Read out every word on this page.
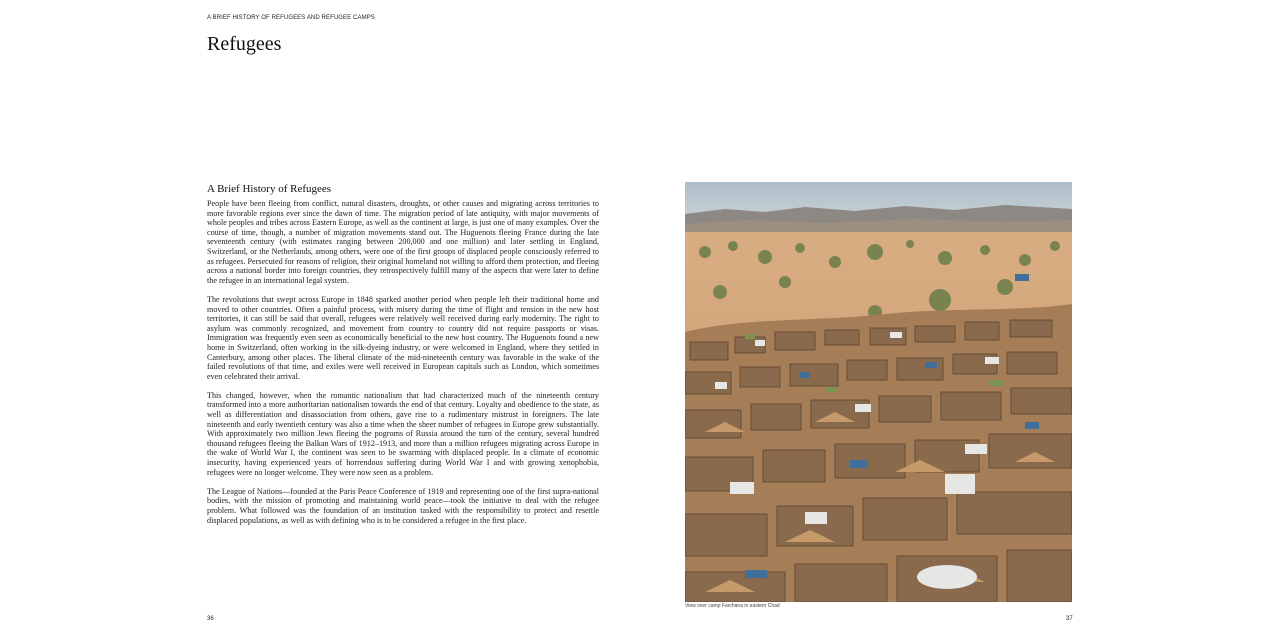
A BRIEF HISTORY OF REFUGEES AND REFUGEE CAMPS
Refugees
A Brief History of Refugees

People have been fleeing from conflict, natural disasters, droughts, or other causes and migrating across territories to more favorable regions ever since the dawn of time. The migration period of late antiquity, with major movements of whole peoples and tribes across Eastern Europe, as well as the continent at large, is just one of many examples. Over the course of time, though, a number of migration movements stand out. The Huguenots fleeing France during the late seventeenth century (with estimates ranging between 200,000 and one million) and later settling in England, Switzerland, or the Netherlands, among others, were one of the first groups of displaced people consciously referred to as refugees. Persecuted for reasons of religion, their original homeland not willing to afford them protection, and fleeing across a national border into foreign countries, they retrospectively fulfill many of the aspects that were later to define the refugee in an international legal system.

The revolutions that swept across Europe in 1848 sparked another period when people left their traditional home and moved to other countries. Often a painful process, with misery during the time of flight and tension in the new host territories, it can still be said that overall, refugees were relatively well received during early modernity. The right to asylum was commonly recognized, and movement from country to country did not require passports or visas. Immigration was frequently even seen as economically beneficial to the new host country. The Huguenots found a new home in Switzerland, often working in the silk-dyeing industry, or were welcomed in England, where they settled in Canterbury, among other places. The liberal climate of the mid-nineteenth century was favorable in the wake of the failed revolutions of that time, and exiles were well received in European capitals such as London, which sometimes even celebrated their arrival.

This changed, however, when the romantic nationalism that had characterized much of the nineteenth century transformed into a more authoritarian nationalism towards the end of that century. Loyalty and obedience to the state, as well as differentiation and disassociation from others, gave rise to a rudimentary mistrust in foreigners. The late nineteenth and early twentieth century was also a time when the sheer number of refugees in Europe grew substantially. With approximately two million Jews fleeing the pogroms of Russia around the turn of the century, several hundred thousand refugees fleeing the Balkan Wars of 1912–1913, and more than a million refugees migrating across Europe in the wake of World War I, the continent was seen to be swarming with displaced people. In a climate of economic insecurity, having experienced years of horrendous suffering during World War I and with growing xenophobia, refugees were no longer welcome. They were now seen as a problem.

The League of Nations—founded at the Paris Peace Conference of 1919 and representing one of the first supra-national bodies, with the mission of promoting and maintaining world peace—took the initiative to deal with the refugee problem. What followed was the foundation of an institution tasked with the responsibility to protect and resettle displaced populations, as well as with defining who is to be considered a refugee in the first place.

View over camp Farchana in eastern Chad
36	37
